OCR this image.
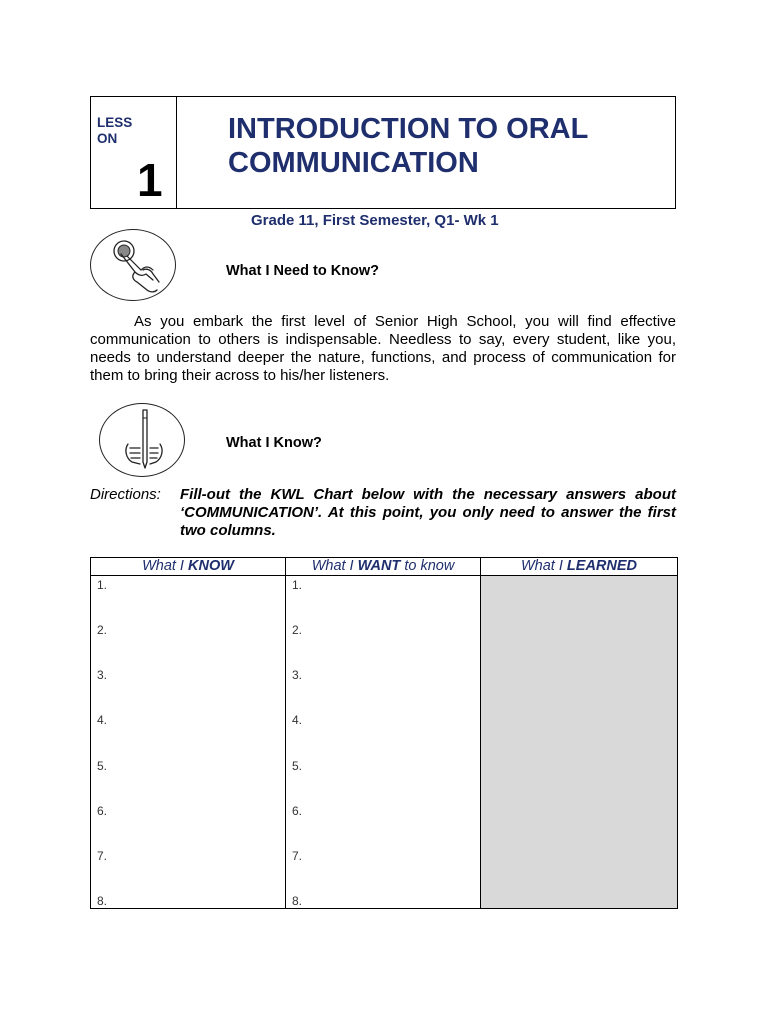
LESSON
1
INTRODUCTION TO ORAL COMMUNICATION
Grade 11, First Semester, Q1- Wk 1
What I Need to Know?
As you embark the first level of Senior High School, you will find effective communication to others is indispensable. Needless to say, every student, like you, needs to understand deeper the nature, functions, and process of communication for them to bring their across to his/her listeners.
What I Know?
Directions: Fill-out the KWL Chart below with the necessary answers about ‘COMMUNICATION’. At this point, you only need to answer the first two columns.
What I KNOW
1.
2.
3.
4.
5.
6.
7.
8.
What I WANT to know
1.
2.
3.
4.
5.
6.
7.
8.
What I LEARNED
